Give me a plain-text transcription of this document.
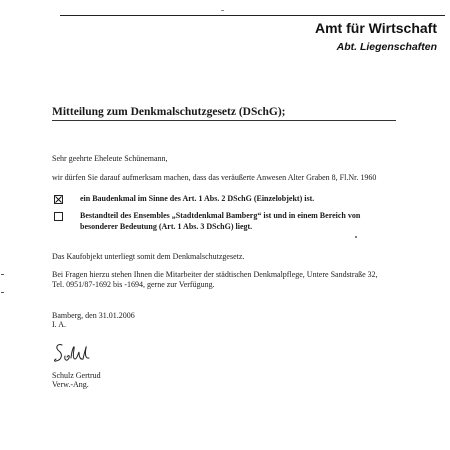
Amt für Wirtschaft
Abt. Liegenschaften
Mitteilung zum Denkmalschutzgesetz (DSchG);
Sehr geehrte Eheleute Schünemann,
wir dürfen Sie darauf aufmerksam machen, dass das veräußerte Anwesen Alter Graben 8, Fl.Nr. 1960
ein Baudenkmal im Sinne des Art. 1 Abs. 2 DSchG (Einzelobjekt) ist.
Bestandteil des Ensembles „Stadtdenkmal Bamberg“ ist und in einem Bereich von
besonderer Bedeutung (Art. 1 Abs. 3 DSchG) liegt.
Das Kaufobjekt unterliegt somit dem Denkmalschutzgesetz.
Bei Fragen hierzu stehen Ihnen die Mitarbeiter der städtischen Denkmalpflege, Untere Sandstraße 32,
Tel. 0951/87-1692 bis -1694, gerne zur Verfügung.
Bamberg, den 31.01.2006
I. A.
Schulz Gertrud
Verw.-Ang.
